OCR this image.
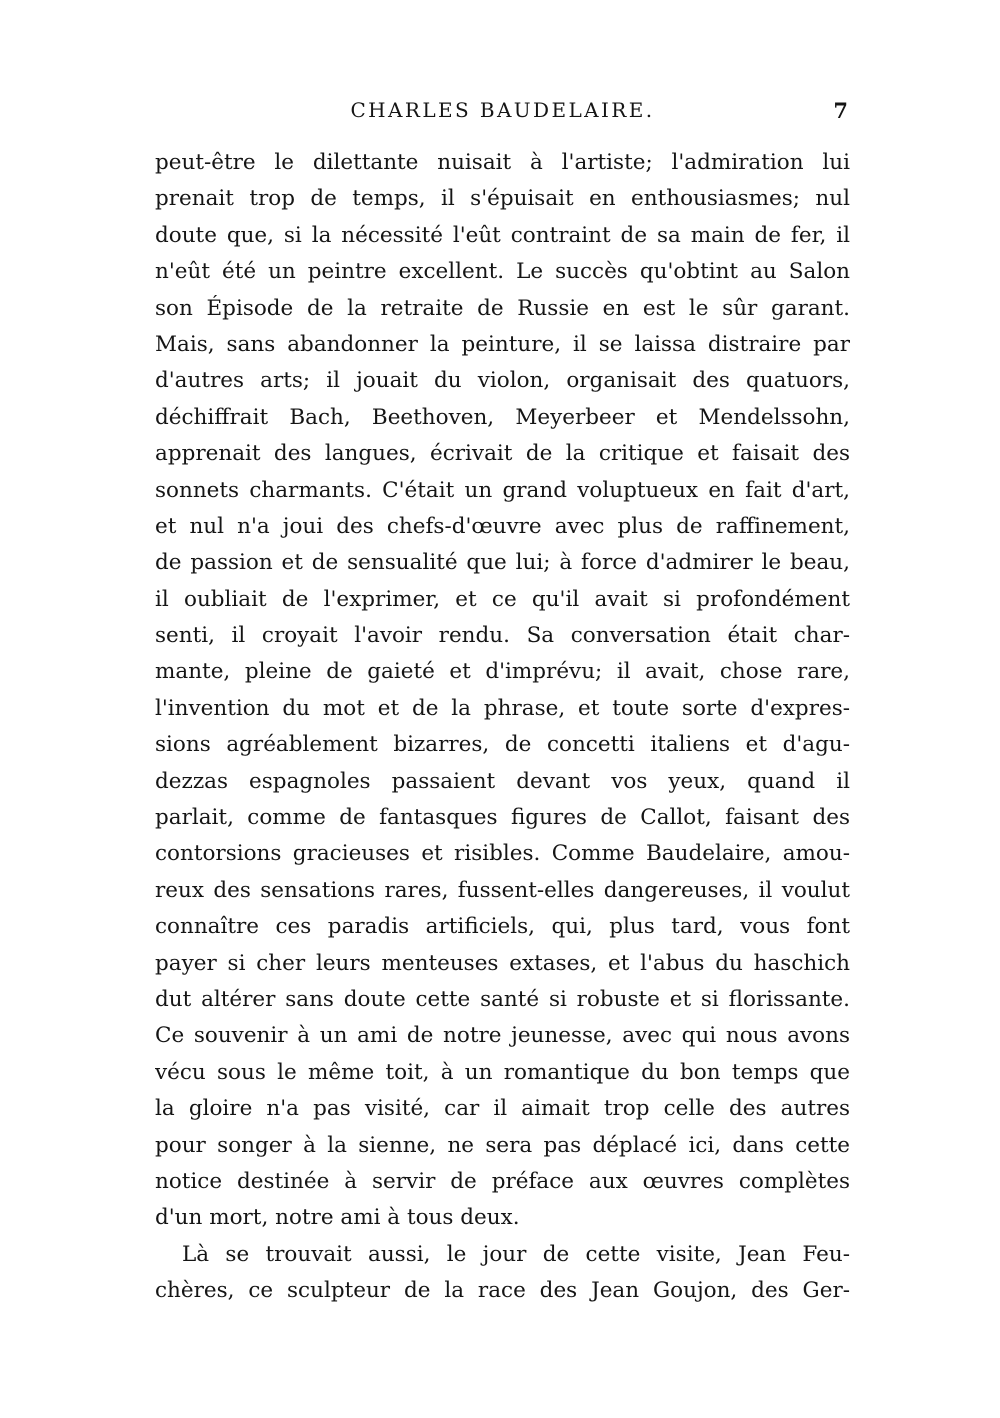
CHARLES BAUDELAIRE.	7
peut-être le dilettante nuisait à l'artiste; l'admiration lui
prenait trop de temps, il s'épuisait en enthousiasmes; nul
doute que, si la nécessité l'eût contraint de sa main de fer, il
n'eût été un peintre excellent. Le succès qu'obtint au Salon
son Épisode de la retraite de Russie en est le sûr garant.
Mais, sans abandonner la peinture, il se laissa distraire par
d'autres arts; il jouait du violon, organisait des quatuors,
déchiffrait Bach, Beethoven, Meyerbeer et Mendelssohn,
apprenait des langues, écrivait de la critique et faisait des
sonnets charmants. C'était un grand voluptueux en fait d'art,
et nul n'a joui des chefs-d'œuvre avec plus de raffinement,
de passion et de sensualité que lui; à force d'admirer le beau,
il oubliait de l'exprimer, et ce qu'il avait si profondément
senti, il croyait l'avoir rendu. Sa conversation était char-
mante, pleine de gaieté et d'imprévu; il avait, chose rare,
l'invention du mot et de la phrase, et toute sorte d'expres-
sions agréablement bizarres, de concetti italiens et d'agu-
dezzas espagnoles passaient devant vos yeux, quand il
parlait, comme de fantasques figures de Callot, faisant des
contorsions gracieuses et risibles. Comme Baudelaire, amou-
reux des sensations rares, fussent-elles dangereuses, il voulut
connaître ces paradis artificiels, qui, plus tard, vous font
payer si cher leurs menteuses extases, et l'abus du haschich
dut altérer sans doute cette santé si robuste et si florissante.
Ce souvenir à un ami de notre jeunesse, avec qui nous avons
vécu sous le même toit, à un romantique du bon temps que
la gloire n'a pas visité, car il aimait trop celle des autres
pour songer à la sienne, ne sera pas déplacé ici, dans cette
notice destinée à servir de préface aux œuvres complètes
d'un mort, notre ami à tous deux.
Là se trouvait aussi, le jour de cette visite, Jean Feu-
chères, ce sculpteur de la race des Jean Goujon, des Ger-
